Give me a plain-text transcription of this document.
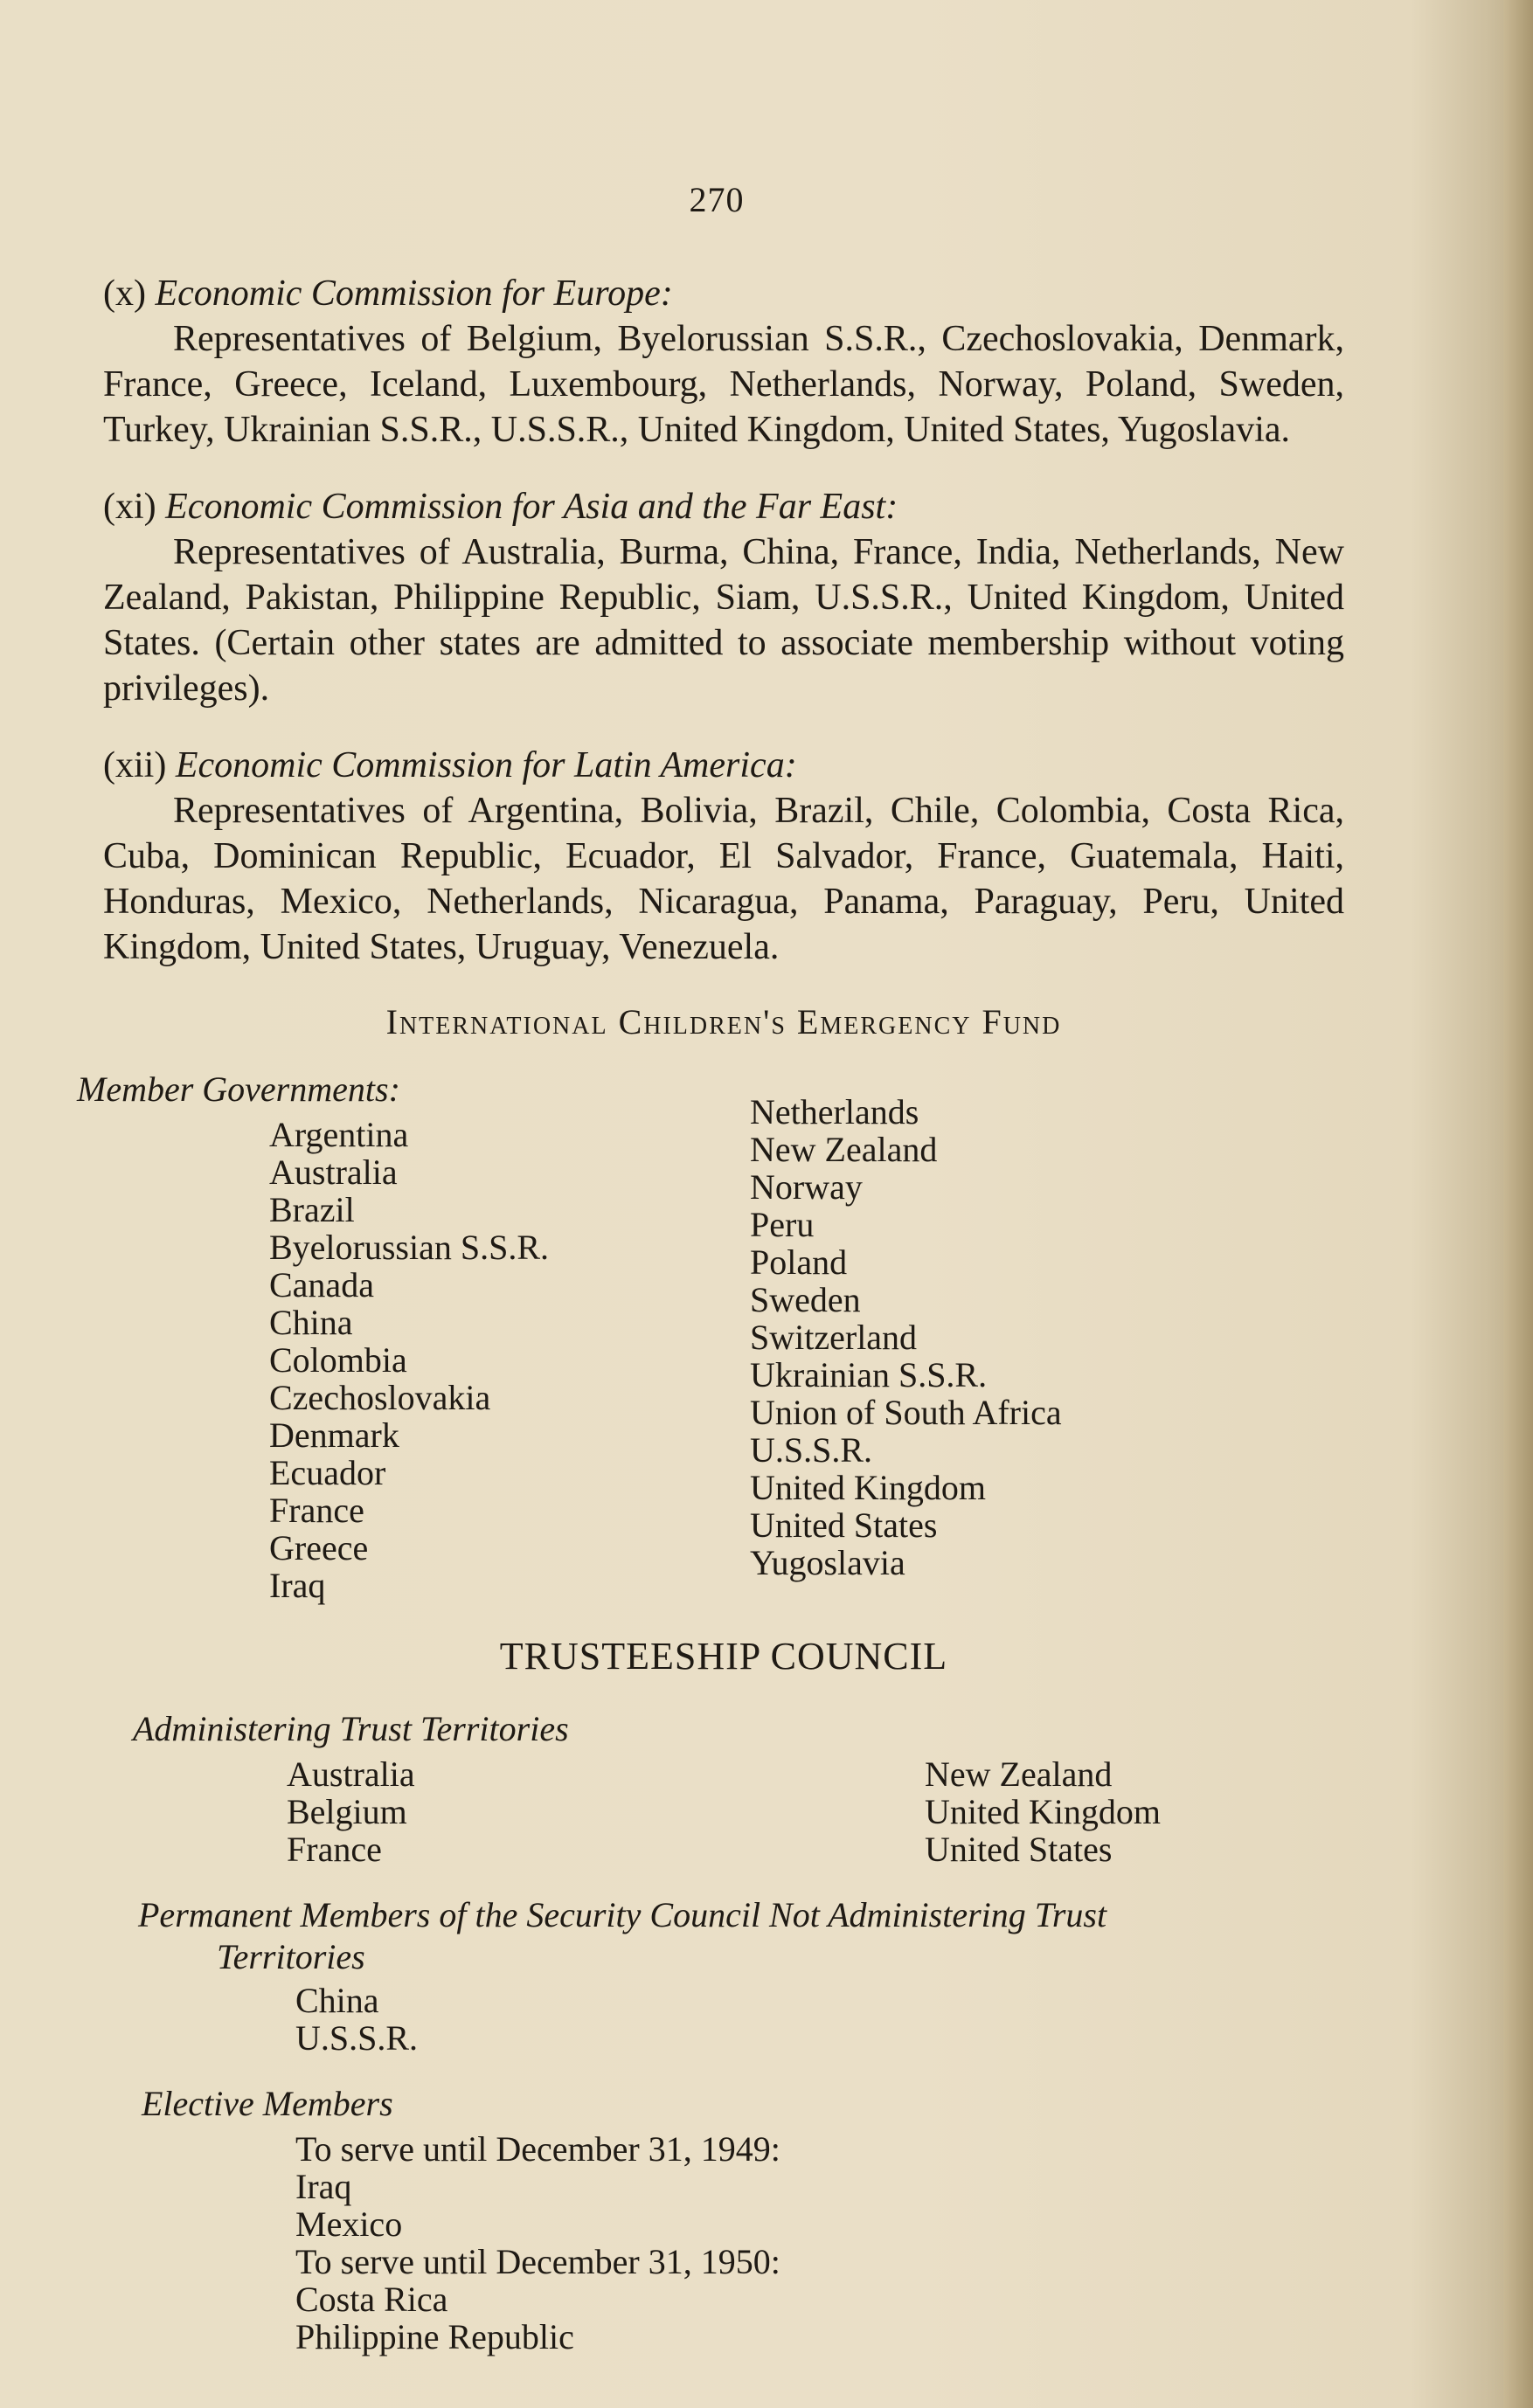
270
(x) Economic Commission for Europe:
Representatives of Belgium, Byelorussian S.S.R., Czechoslovakia, Denmark, France, Greece, Iceland, Luxembourg, Netherlands, Norway, Poland, Sweden, Turkey, Ukrainian S.S.R., U.S.S.R., United Kingdom, United States, Yugoslavia.
(xi) Economic Commission for Asia and the Far East:
Representatives of Australia, Burma, China, France, India, Netherlands, New Zealand, Pakistan, Philippine Republic, Siam, U.S.S.R., United Kingdom, United States. (Certain other states are admitted to associate membership without voting privileges).
(xii) Economic Commission for Latin America:
Representatives of Argentina, Bolivia, Brazil, Chile, Colombia, Costa Rica, Cuba, Dominican Republic, Ecuador, El Salvador, France, Guatemala, Haiti, Honduras, Mexico, Netherlands, Nicaragua, Panama, Paraguay, Peru, United Kingdom, United States, Uruguay, Venezuela.
International Children's Emergency Fund
Member Governments:
Argentina
Australia
Brazil
Byelorussian S.S.R.
Canada
China
Colombia
Czechoslovakia
Denmark
Ecuador
France
Greece
Iraq
Netherlands
New Zealand
Norway
Peru
Poland
Sweden
Switzerland
Ukrainian S.S.R.
Union of South Africa
U.S.S.R.
United Kingdom
United States
Yugoslavia
TRUSTEESHIP COUNCIL
Administering Trust Territories
Australia
Belgium
France
New Zealand
United Kingdom
United States
Permanent Members of the Security Council Not Administering Trust
Territories
China
U.S.S.R.
Elective Members
To serve until December 31, 1949:
Iraq
Mexico
To serve until December 31, 1950:
Costa Rica
Philippine Republic
